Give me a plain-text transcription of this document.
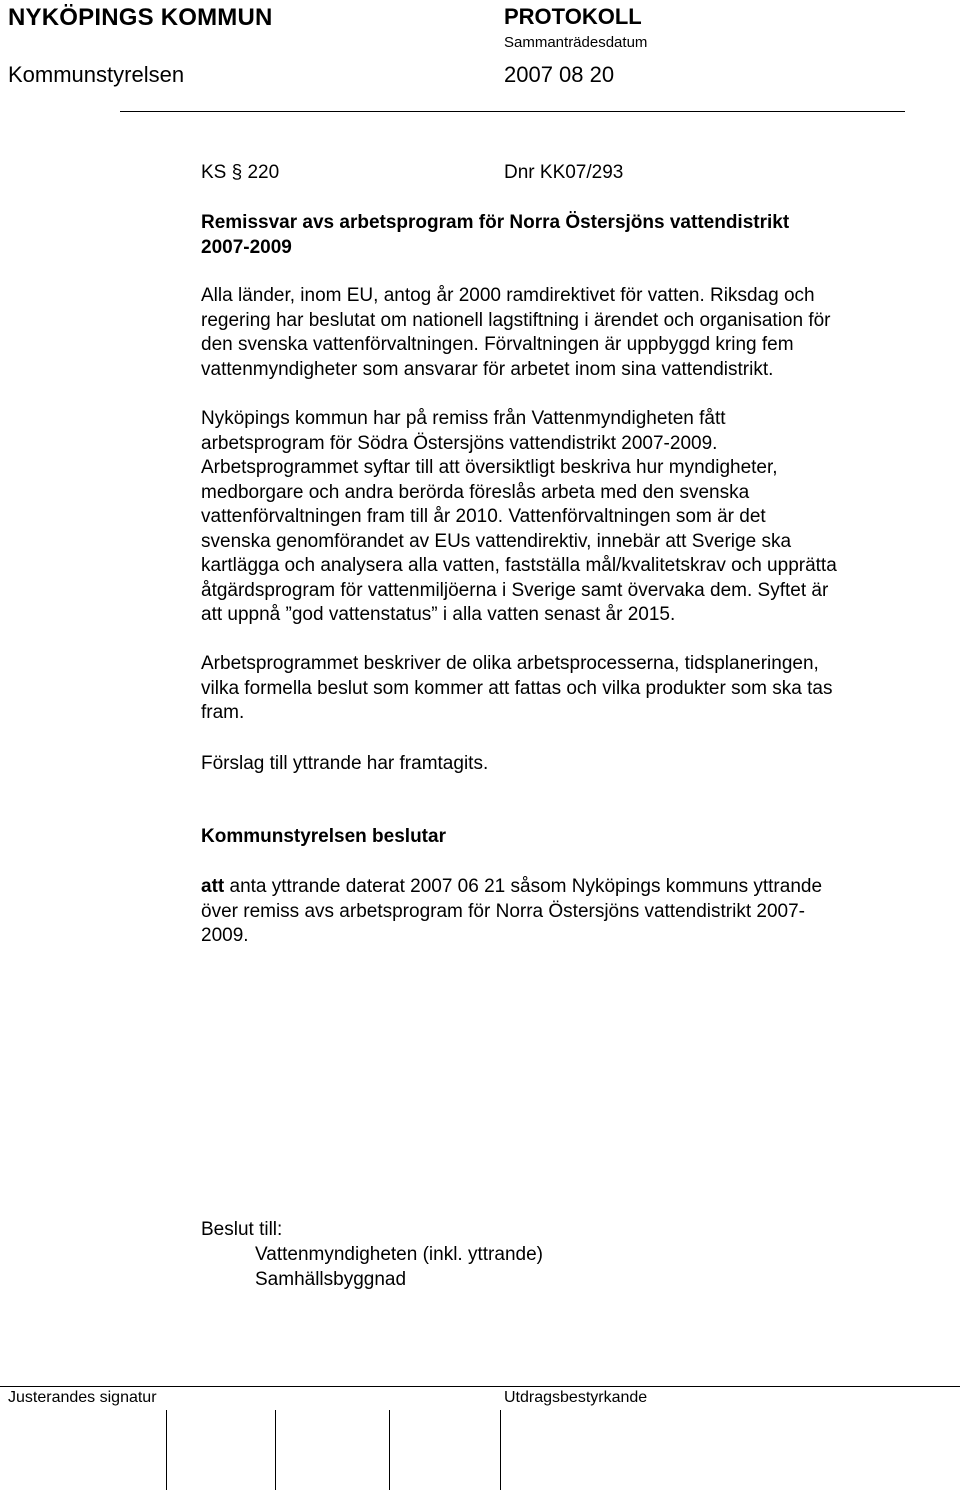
NYKÖPINGS KOMMUN	PROTOKOLL
Sammanträdesdatum
Kommunstyrelsen	2007 08 20
KS § 220	Dnr KK07/293
Remissvar avs arbetsprogram för Norra Östersjöns vattendistrikt
2007-2009
Alla länder, inom EU, antog år 2000 ramdirektivet för vatten. Riksdag och
regering har beslutat om nationell lagstiftning i ärendet och organisation för
den svenska vattenförvaltningen. Förvaltningen är uppbyggd kring fem
vattenmyndigheter som ansvarar för arbetet inom sina vattendistrikt.
Nyköpings kommun har på remiss från Vattenmyndigheten fått
arbetsprogram för Södra Östersjöns vattendistrikt 2007-2009.
Arbetsprogrammet syftar till att översiktligt beskriva hur myndigheter,
medborgare och andra berörda föreslås arbeta med den svenska
vattenförvaltningen fram till år 2010. Vattenförvaltningen som är det
svenska genomförandet av EUs vattendirektiv, innebär att Sverige ska
kartlägga och analysera alla vatten, fastställa mål/kvalitetskrav och upprätta
åtgärdsprogram för vattenmiljöerna i Sverige samt övervaka dem. Syftet är
att uppnå ”god vattenstatus” i alla vatten senast år 2015.
Arbetsprogrammet beskriver de olika arbetsprocesserna, tidsplaneringen,
vilka formella beslut som kommer att fattas och vilka produkter som ska tas
fram.
Förslag till yttrande har framtagits.
Kommunstyrelsen beslutar
att anta yttrande daterat 2007 06 21 såsom Nyköpings kommuns yttrande
över remiss avs arbetsprogram för Norra Östersjöns vattendistrikt 2007-
2009.
Beslut till:
Vattenmyndigheten (inkl. yttrande)
Samhällsbyggnad
Justerandes signatur	Utdragsbestyrkande
